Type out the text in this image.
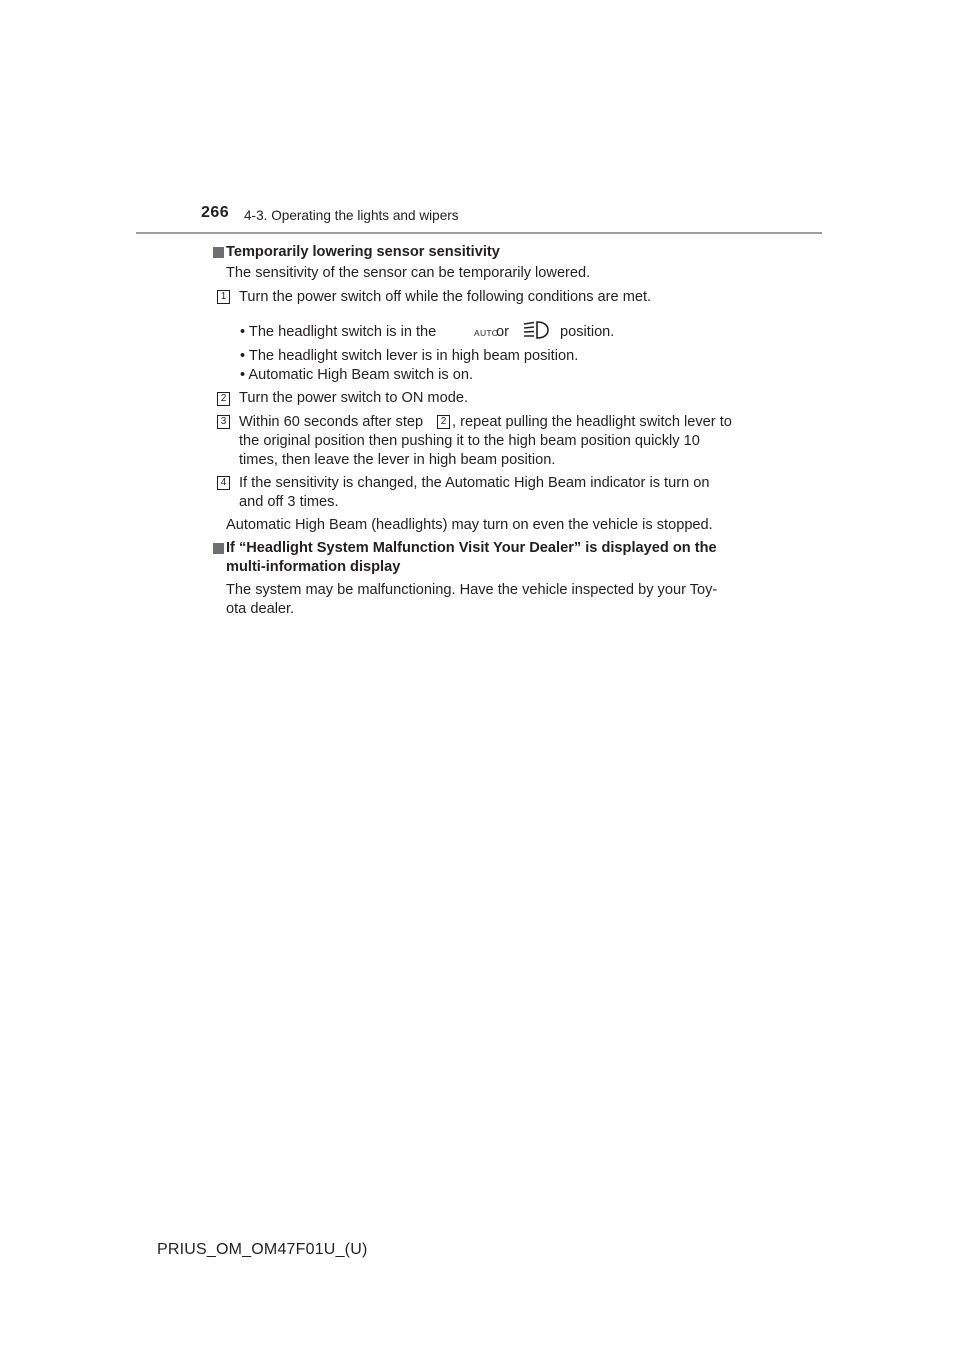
266 4-3. Operating the lights and wipers
Temporarily lowering sensor sensitivity
The sensitivity of the sensor can be temporarily lowered.
1 Turn the power switch off while the following conditions are met.
• The headlight switch is in the	AUTO
or	position.
• The headlight switch lever is in high beam position.
• Automatic High Beam switch is on.
2 Turn the power switch to ON mode.
3 Within 60 seconds after step	2 , repeat pulling the headlight switch lever to
the original position then pushing it to the high beam position quickly 10
times, then leave the lever in high beam position.
4 If the sensitivity is changed, the Automatic High Beam indicator is turn on
and off 3 times.
Automatic High Beam (headlights) may turn on even the vehicle is stopped.
If “Headlight System Malfunction Visit Your Dealer” is displayed on the
multi-information display
The system may be malfunctioning. Have the vehicle inspected by your Toy-
ota dealer.
PRIUS_OM_OM47F01U_(U)
